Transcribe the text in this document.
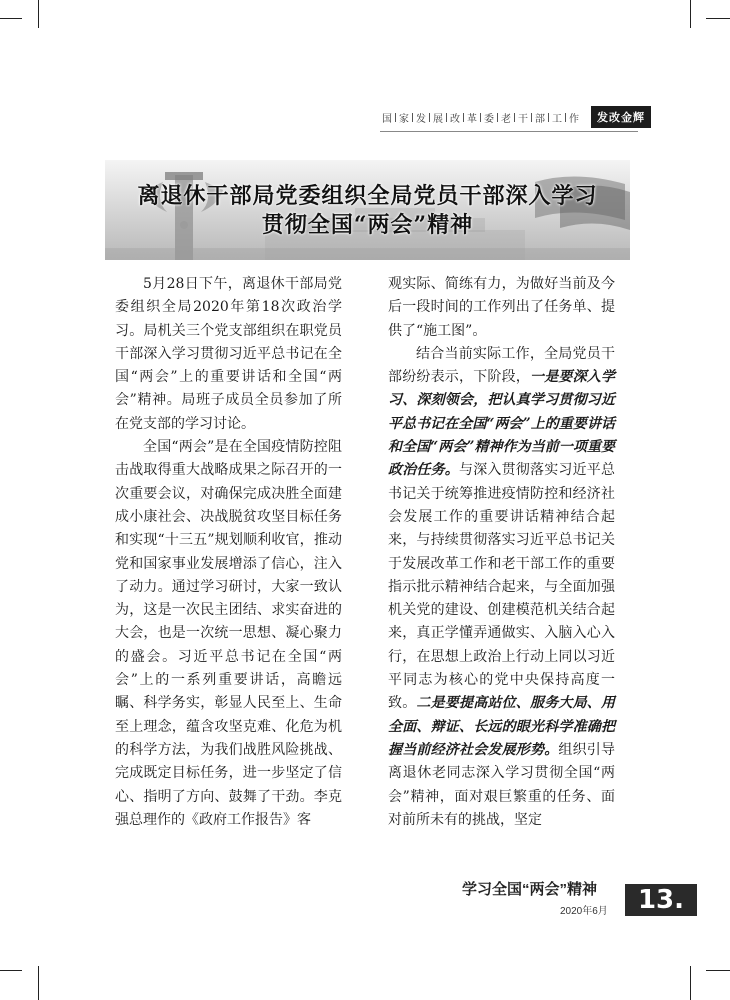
国 家 发 展 改 革 委 老 干 部 工 作	发改金辉
离退休干部局党委组织全局党员干部深入学习
贯彻全国“两会”精神

5月28日下午，离退休干部局党委组织全局2020年第18次政治学习。局机关三个党支部组织在职党员干部深入学习贯彻习近平总书记在全国“两会”上的重要讲话和全国“两会”精神。局班子成员全员参加了所在党支部的学习讨论。

全国“两会”是在全国疫情防控阻击战取得重大战略成果之际召开的一次重要会议，对确保完成决胜全面建成小康社会、决战脱贫攻坚目标任务和实现“十三五”规划顺利收官，推动党和国家事业发展增添了信心，注入了动力。通过学习研讨，大家一致认为，这是一次民主团结、求实奋进的大会，也是一次统一思想、凝心聚力的盛会。习近平总书记在全国“两会”上的一系列重要讲话，高瞻远瞩、科学务实，彰显人民至上、生命至上理念，蕴含攻坚克难、化危为机的科学方法，为我们战胜风险挑战、完成既定目标任务，进一步坚定了信心、指明了方向、鼓舞了干劲。李克强总理作的《政府工作报告》客

观实际、简练有力，为做好当前及今后一段时间的工作列出了任务单、提供了“施工图”。

结合当前实际工作，全局党员干部纷纷表示，下阶段，一是要深入学习、深刻领会，把认真学习贯彻习近平总书记在全国“两会”上的重要讲话和全国“两会”精神作为当前一项重要政治任务。与深入贯彻落实习近平总书记关于统筹推进疫情防控和经济社会发展工作的重要讲话精神结合起来，与持续贯彻落实习近平总书记关于发展改革工作和老干部工作的重要指示批示精神结合起来，与全面加强机关党的建设、创建模范机关结合起来，真正学懂弄通做实、入脑入心入行，在思想上政治上行动上同以习近平同志为核心的党中央保持高度一致。二是要提高站位、服务大局、用全面、辩证、长远的眼光科学准确把握当前经济社会发展形势。组织引导离退休老同志深入学习贯彻全国“两会”精神，面对艰巨繁重的任务、面对前所未有的挑战，坚定

学习全国“两会”精神
2020年6月	13.
